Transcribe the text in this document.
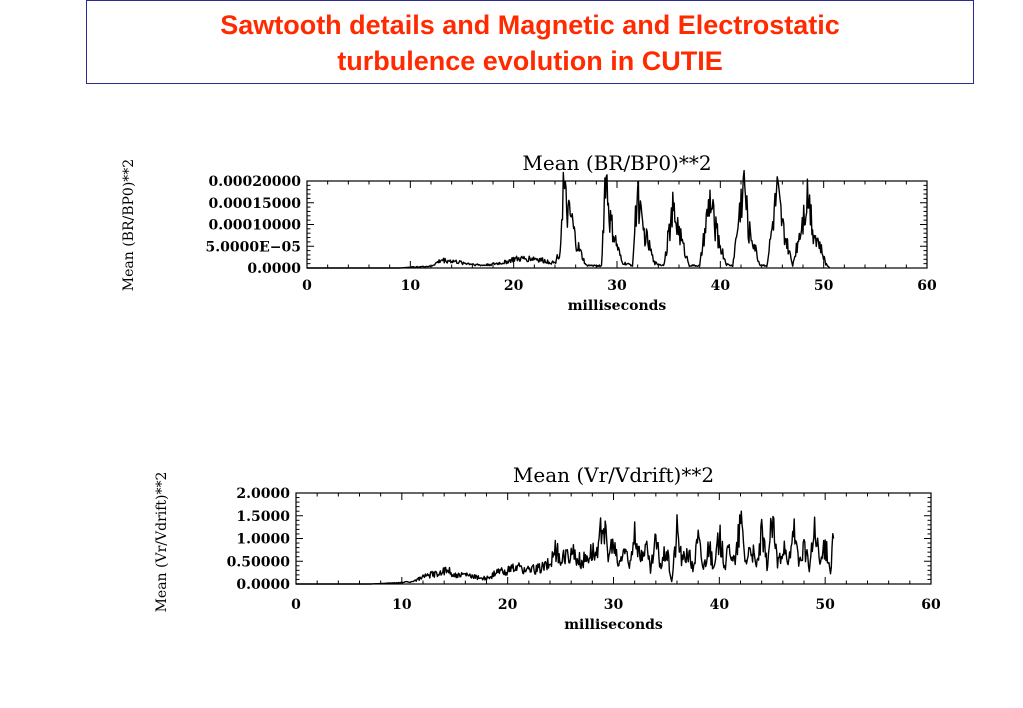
Sawtooth details and Magnetic and Electrostatic
turbulence evolution in CUTIE
Mean (BR/BP0)**2
0	10	20	30	40	50	60
0.0000
5.0000E−05
0.00010000
0.00015000
0.00020000
milliseconds
Mean (BR/BP0)**2
Mean (Vr/Vdrift)**2
0	10	20	30	40	50	60
0.0000
0.50000
1.0000
1.5000
2.0000
milliseconds
Mean (Vr/Vdrift)**2
